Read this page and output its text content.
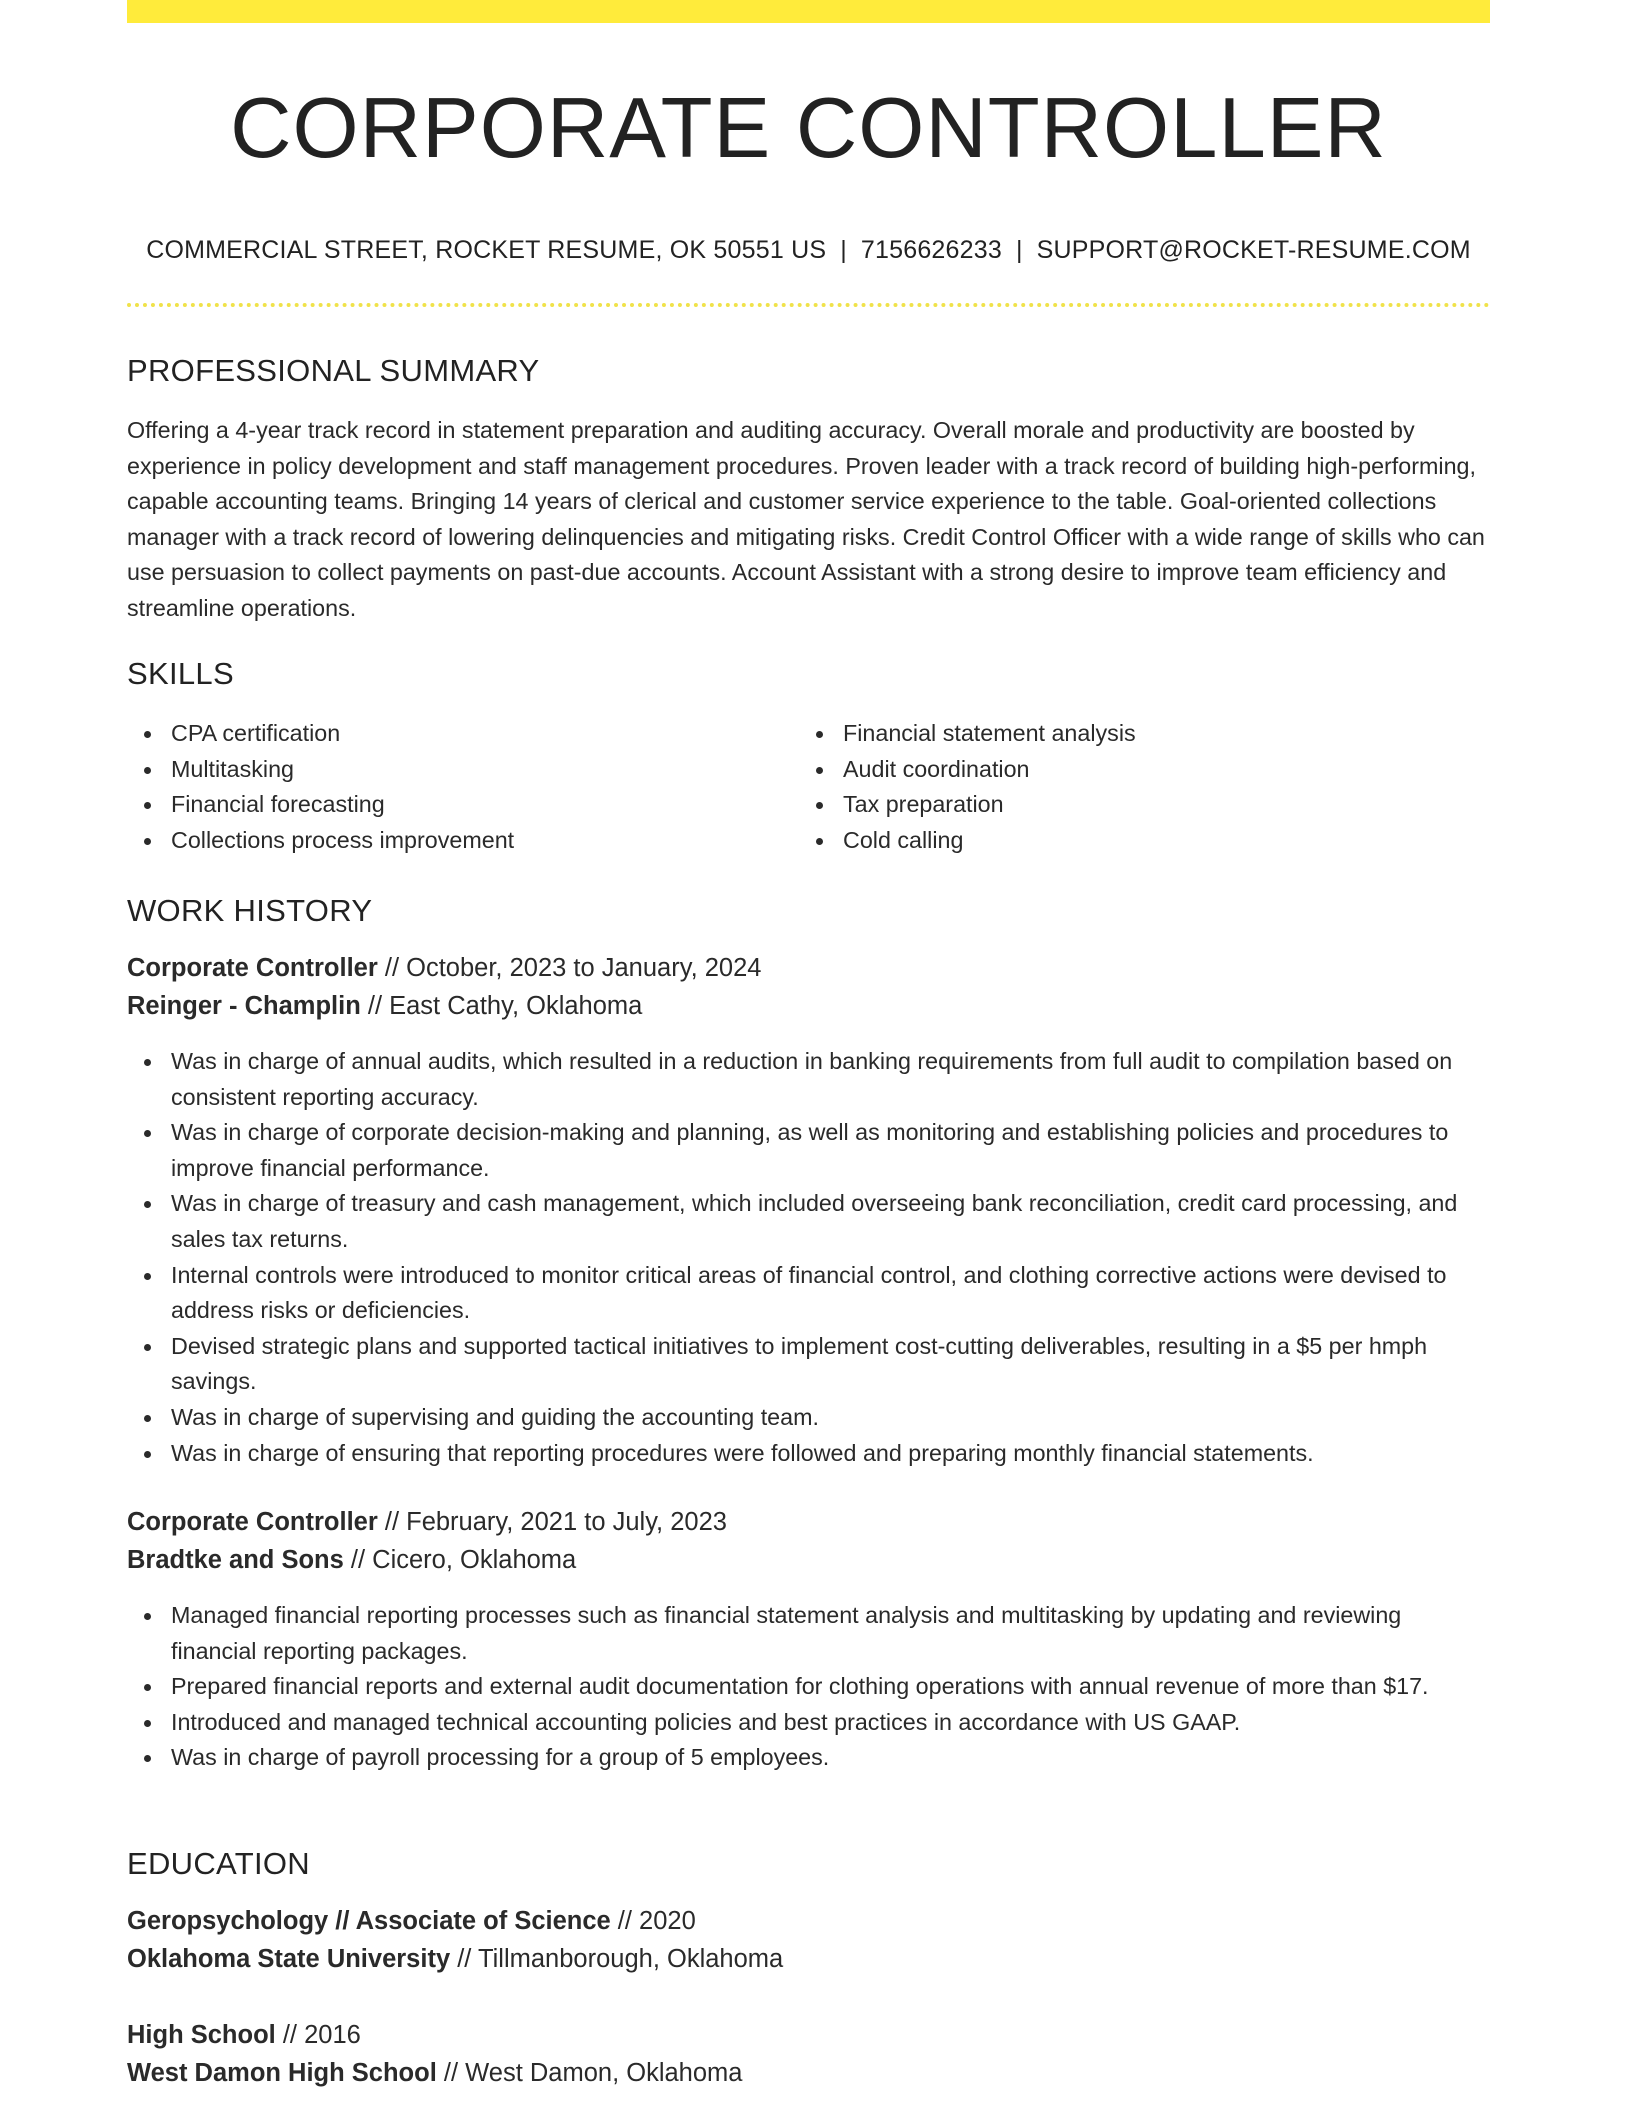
CORPORATE CONTROLLER
COMMERCIAL STREET, ROCKET RESUME, OK 50551 US | 7156626233 | SUPPORT@ROCKET-RESUME.COM
PROFESSIONAL SUMMARY

Offering a 4-year track record in statement preparation and auditing accuracy. Overall morale and productivity are boosted by experience in policy development and staff management procedures. Proven leader with a track record of building high-performing, capable accounting teams. Bringing 14 years of clerical and customer service experience to the table. Goal-oriented collections manager with a track record of lowering delinquencies and mitigating risks. Credit Control Officer with a wide range of skills who can use persuasion to collect payments on past-due accounts. Account Assistant with a strong desire to improve team efficiency and streamline operations.

SKILLS
CPA certification
Multitasking
Financial forecasting
Collections process improvement
Financial statement analysis
Audit coordination
Tax preparation
Cold calling
WORK HISTORY
Corporate Controller // October, 2023 to January, 2024
Reinger - Champlin // East Cathy, Oklahoma
Was in charge of annual audits, which resulted in a reduction in banking requirements from full audit to compilation based on consistent reporting accuracy.
Was in charge of corporate decision-making and planning, as well as monitoring and establishing policies and procedures to improve financial performance.
Was in charge of treasury and cash management, which included overseeing bank reconciliation, credit card processing, and sales tax returns.
Internal controls were introduced to monitor critical areas of financial control, and clothing corrective actions were devised to address risks or deficiencies.
Devised strategic plans and supported tactical initiatives to implement cost-cutting deliverables, resulting in a $5 per hmph savings.
Was in charge of supervising and guiding the accounting team.
Was in charge of ensuring that reporting procedures were followed and preparing monthly financial statements.
Corporate Controller // February, 2021 to July, 2023
Bradtke and Sons // Cicero, Oklahoma
Managed financial reporting processes such as financial statement analysis and multitasking by updating and reviewing financial reporting packages.
Prepared financial reports and external audit documentation for clothing operations with annual revenue of more than $17.
Introduced and managed technical accounting policies and best practices in accordance with US GAAP.
Was in charge of payroll processing for a group of 5 employees.
EDUCATION
Geropsychology // Associate of Science // 2020
Oklahoma State University // Tillmanborough, Oklahoma
High School // 2016
West Damon High School // West Damon, Oklahoma
